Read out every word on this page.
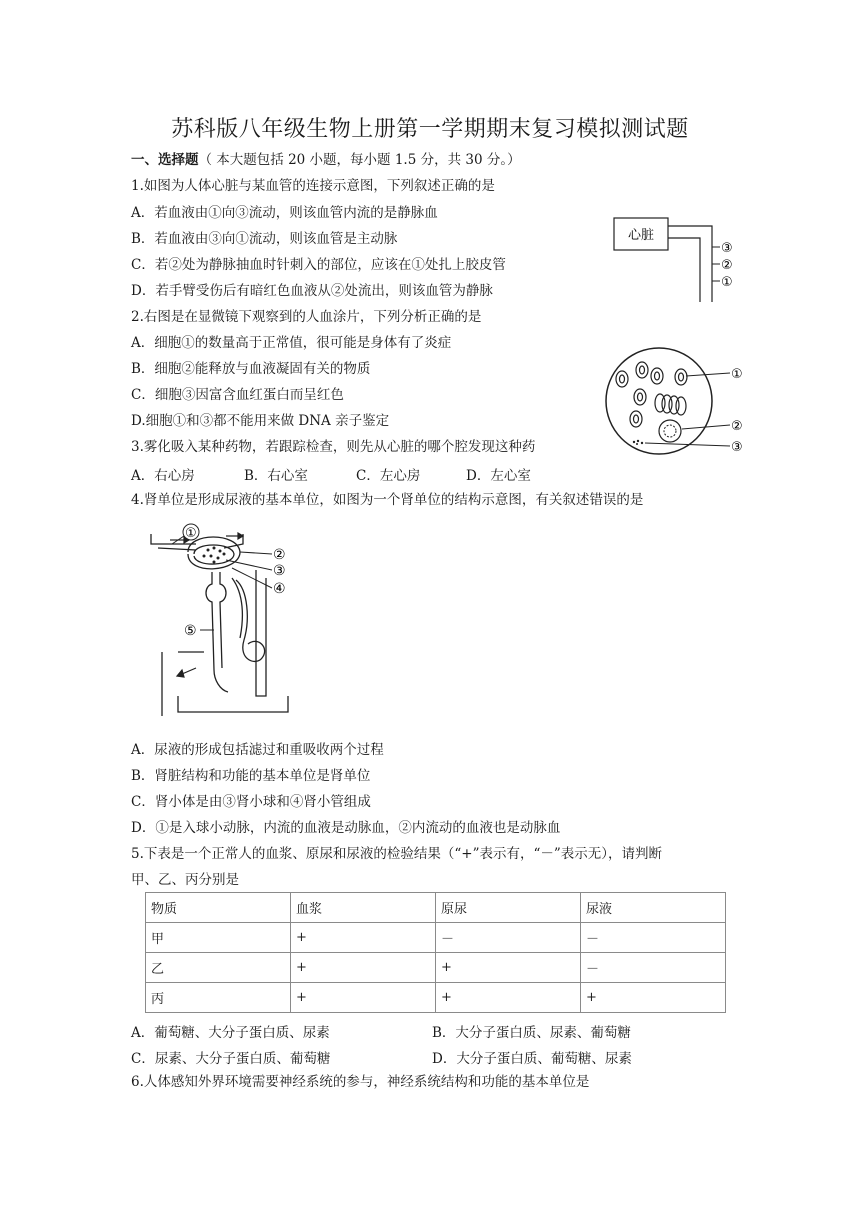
苏科版八年级生物上册第一学期期末复习模拟测试题
一、选择题（ 本大题包括 20 小题，每小题 1.5 分，共 30 分。）
1.如图为人体心脏与某血管的连接示意图，下列叙述正确的是
A．若血液由①向③流动，则该血管内流的是静脉血
B．若血液由③向①流动，则该血管是主动脉
C．若②处为静脉抽血时针刺入的部位，应该在①处扎上胶皮管
D．若手臂受伤后有暗红色血液从②处流出，则该血管为静脉
心脏
③
②
①
2.右图是在显微镜下观察到的人血涂片，下列分析正确的是
A．细胞①的数量高于正常值，很可能是身体有了炎症
B．细胞②能释放与血液凝固有关的物质
C．细胞③因富含血红蛋白而呈红色
D.细胞①和③都不能用来做 DNA 亲子鉴定
①
②
③
3.雾化吸入某种药物，若跟踪检查，则先从心脏的哪个腔发现这种药
A．右心房	B．右心室	C．左心房	D．左心室
4.肾单位是形成尿液的基本单位，如图为一个肾单位的结构示意图，有关叙述错误的是
①
②
③
④
⑤
A．尿液的形成包括滤过和重吸收两个过程
B．肾脏结构和功能的基本单位是肾单位
C．肾小体是由③肾小球和④肾小管组成
D．①是入球小动脉，内流的血液是动脉血，②内流动的血液也是动脉血
5.下表是一个正常人的血浆、原尿和尿液的检验结果（“+”表示有，“－”表示无），请判断
甲、乙、丙分别是
物质	血浆	原尿	尿液
甲	+	－	－
乙	+	+	－
丙	+	+	+
A．葡萄糖、大分子蛋白质、尿素	B．大分子蛋白质、尿素、葡萄糖
C．尿素、大分子蛋白质、葡萄糖	D．大分子蛋白质、葡萄糖、尿素
6.人体感知外界环境需要神经系统的参与，神经系统结构和功能的基本单位是
